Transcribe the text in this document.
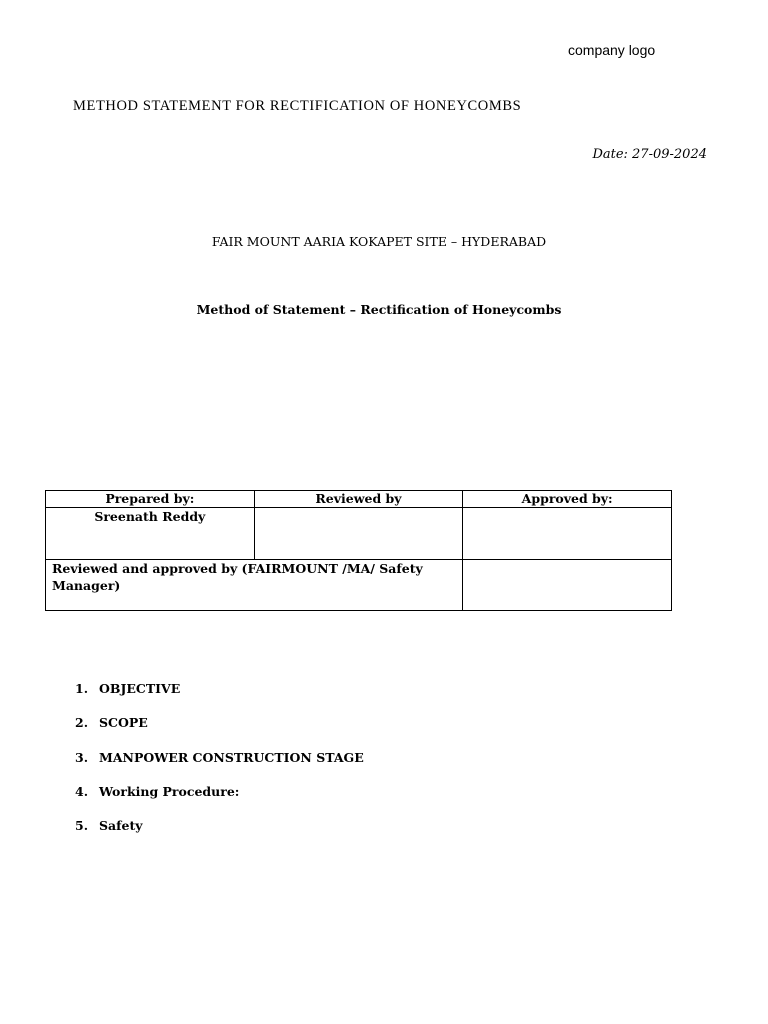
company logo
METHOD STATEMENT FOR RECTIFICATION OF HONEYCOMBS
Date: 27-09-2024
FAIR MOUNT AARIA KOKAPET SITE – HYDERABAD
Method of Statement – Rectification of Honeycombs
Prepared by:	Reviewed by	Approved by:
Sreenath Reddy		
Reviewed and approved by (FAIRMOUNT /MA/ Safety Manager)		
1. OBJECTIVE
2. SCOPE
3. MANPOWER CONSTRUCTION STAGE
4. Working Procedure:
5. Safety
